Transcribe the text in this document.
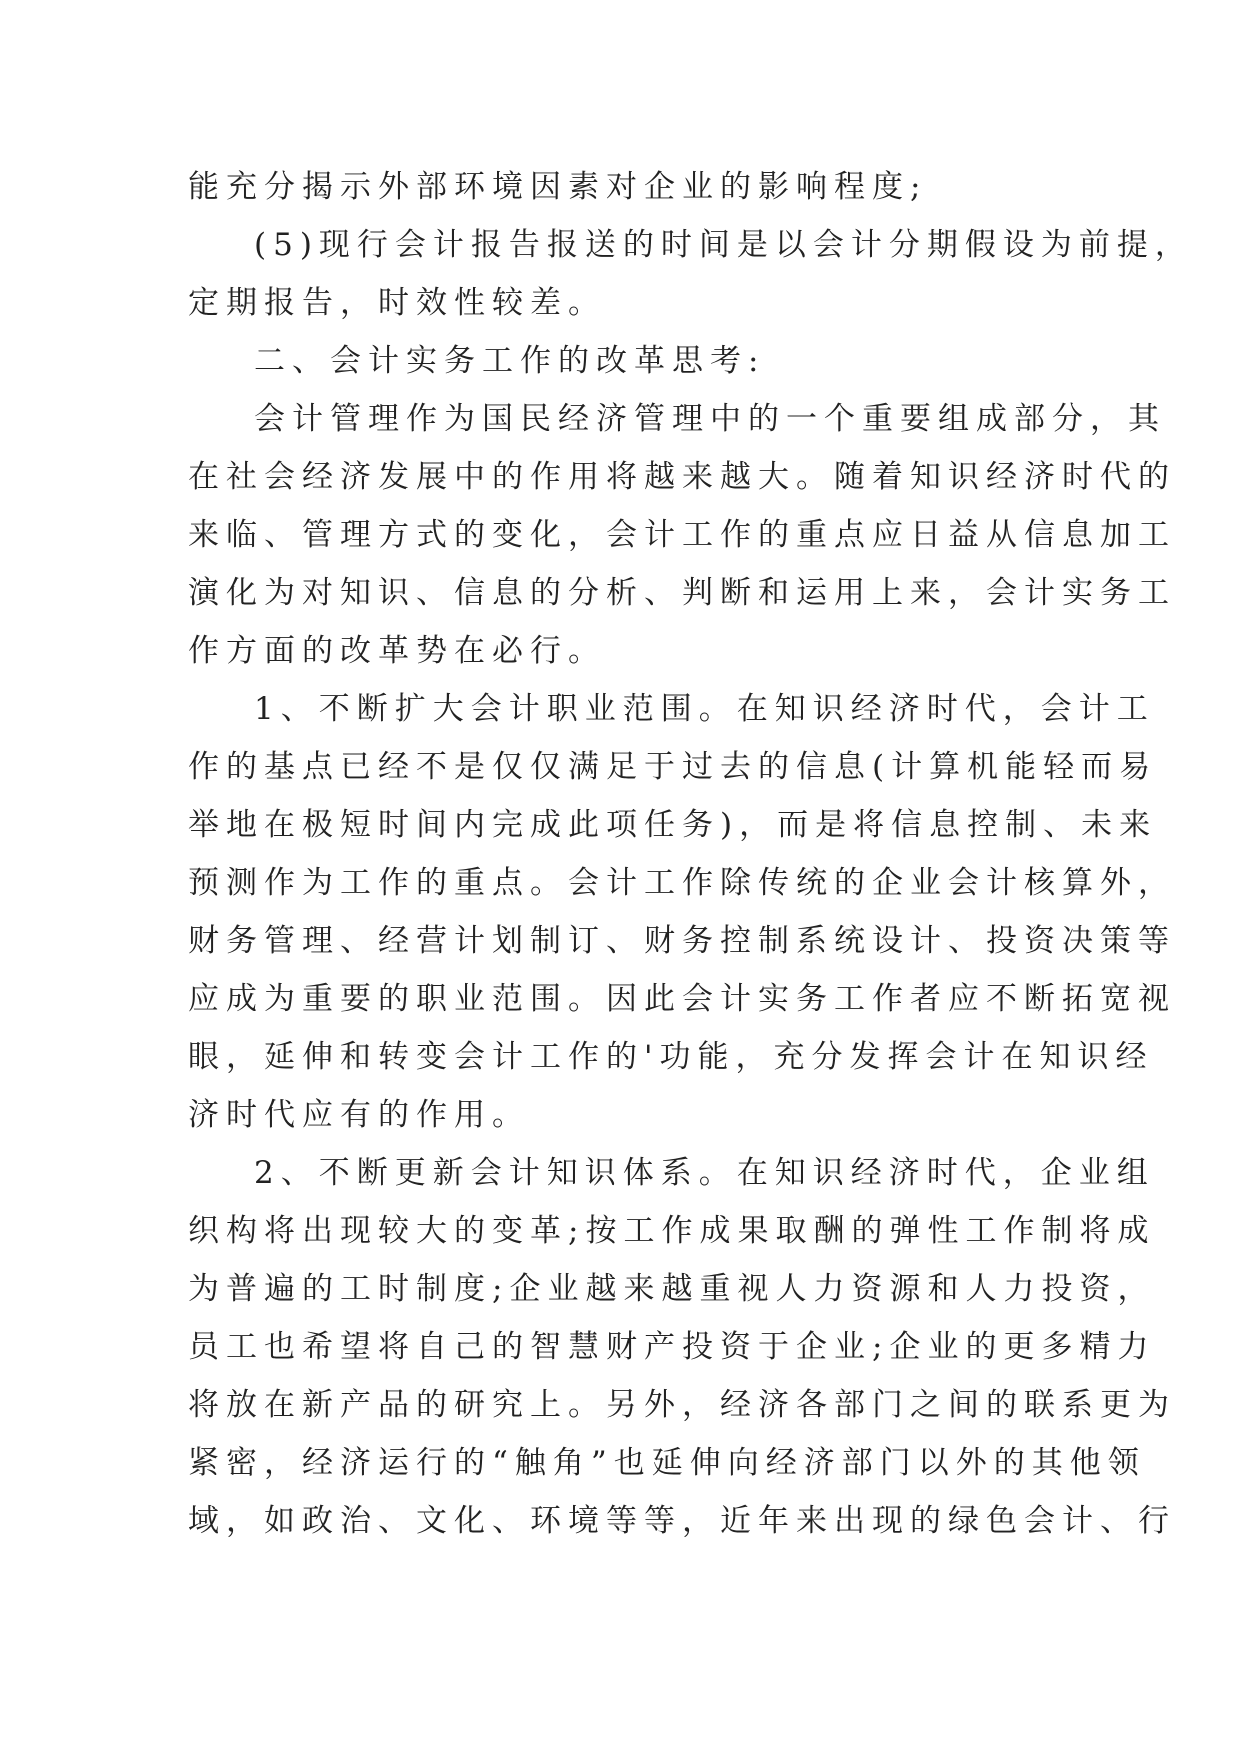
能充分揭示外部环境因素对企业的影响程度;
(5)现行会计报告报送的时间是以会计分期假设为前提，
定期报告，时效性较差。
二、会计实务工作的改革思考:
会计管理作为国民经济管理中的一个重要组成部分，其
在社会经济发展中的作用将越来越大。随着知识经济时代的
来临、管理方式的变化，会计工作的重点应日益从信息加工
演化为对知识、信息的分析、判断和运用上来，会计实务工
作方面的改革势在必行。
1、不断扩大会计职业范围。在知识经济时代，会计工
作的基点已经不是仅仅满足于过去的信息(计算机能轻而易
举地在极短时间内完成此项任务)，而是将信息控制、未来
预测作为工作的重点。会计工作除传统的企业会计核算外，
财务管理、经营计划制订、财务控制系统设计、投资决策等
应成为重要的职业范围。因此会计实务工作者应不断拓宽视
眼，延伸和转变会计工作的'功能，充分发挥会计在知识经
济时代应有的作用。
2、不断更新会计知识体系。在知识经济时代，企业组
织构将出现较大的变革;按工作成果取酬的弹性工作制将成
为普遍的工时制度;企业越来越重视人力资源和人力投资，
员工也希望将自己的智慧财产投资于企业;企业的更多精力
将放在新产品的研究上。另外，经济各部门之间的联系更为
紧密，经济运行的“触角”也延伸向经济部门以外的其他领
域，如政治、文化、环境等等，近年来出现的绿色会计、行
